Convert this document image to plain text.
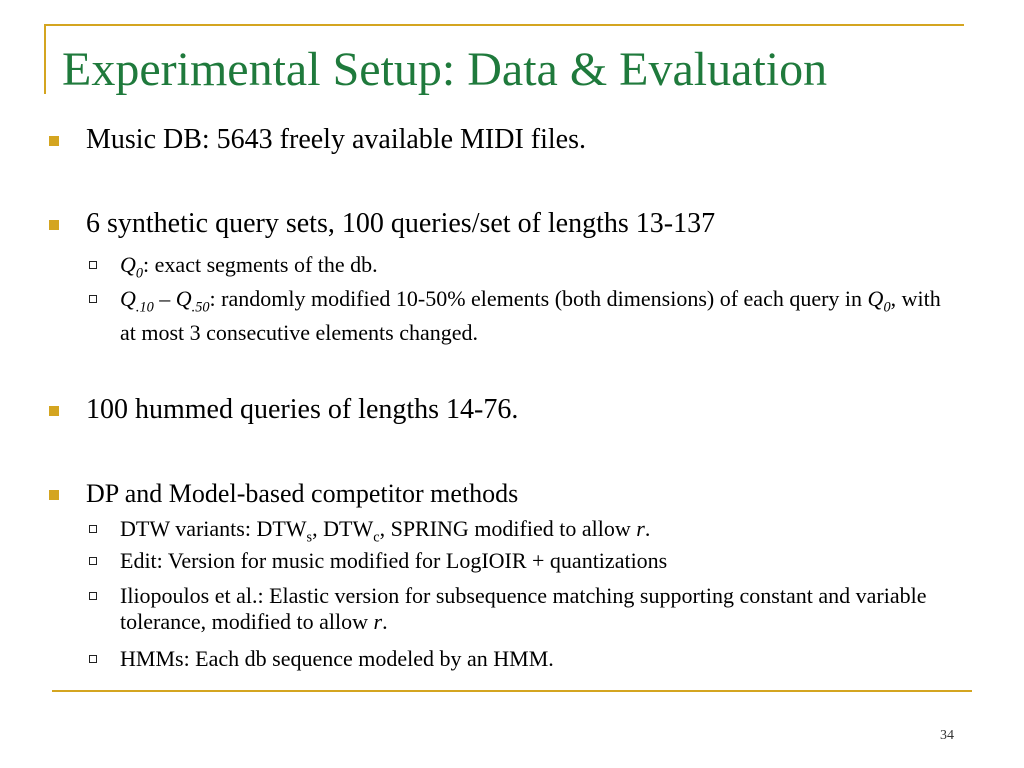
Experimental Setup: Data & Evaluation
Music DB: 5643 freely available MIDI files.
6 synthetic query sets, 100 queries/set of lengths 13-137
$Q_0$: exact segments of the db.
$Q_{.10} - Q_{.50}$: randomly modified 10-50% elements (both dimensions) of each query in $Q_0$, with at most 3 consecutive elements changed.
100 hummed queries of lengths 14-76.
DP and Model-based competitor methods
DTW variants: $DTW_s$, $DTW_c$, SPRING modified to allow r.
Edit: Version for music modified for LogIOIR + quantizations
Iliopoulos et al.: Elastic version for subsequence matching supporting constant and variable tolerance, modified to allow r.
HMMs: Each db sequence modeled by an HMM.
34
